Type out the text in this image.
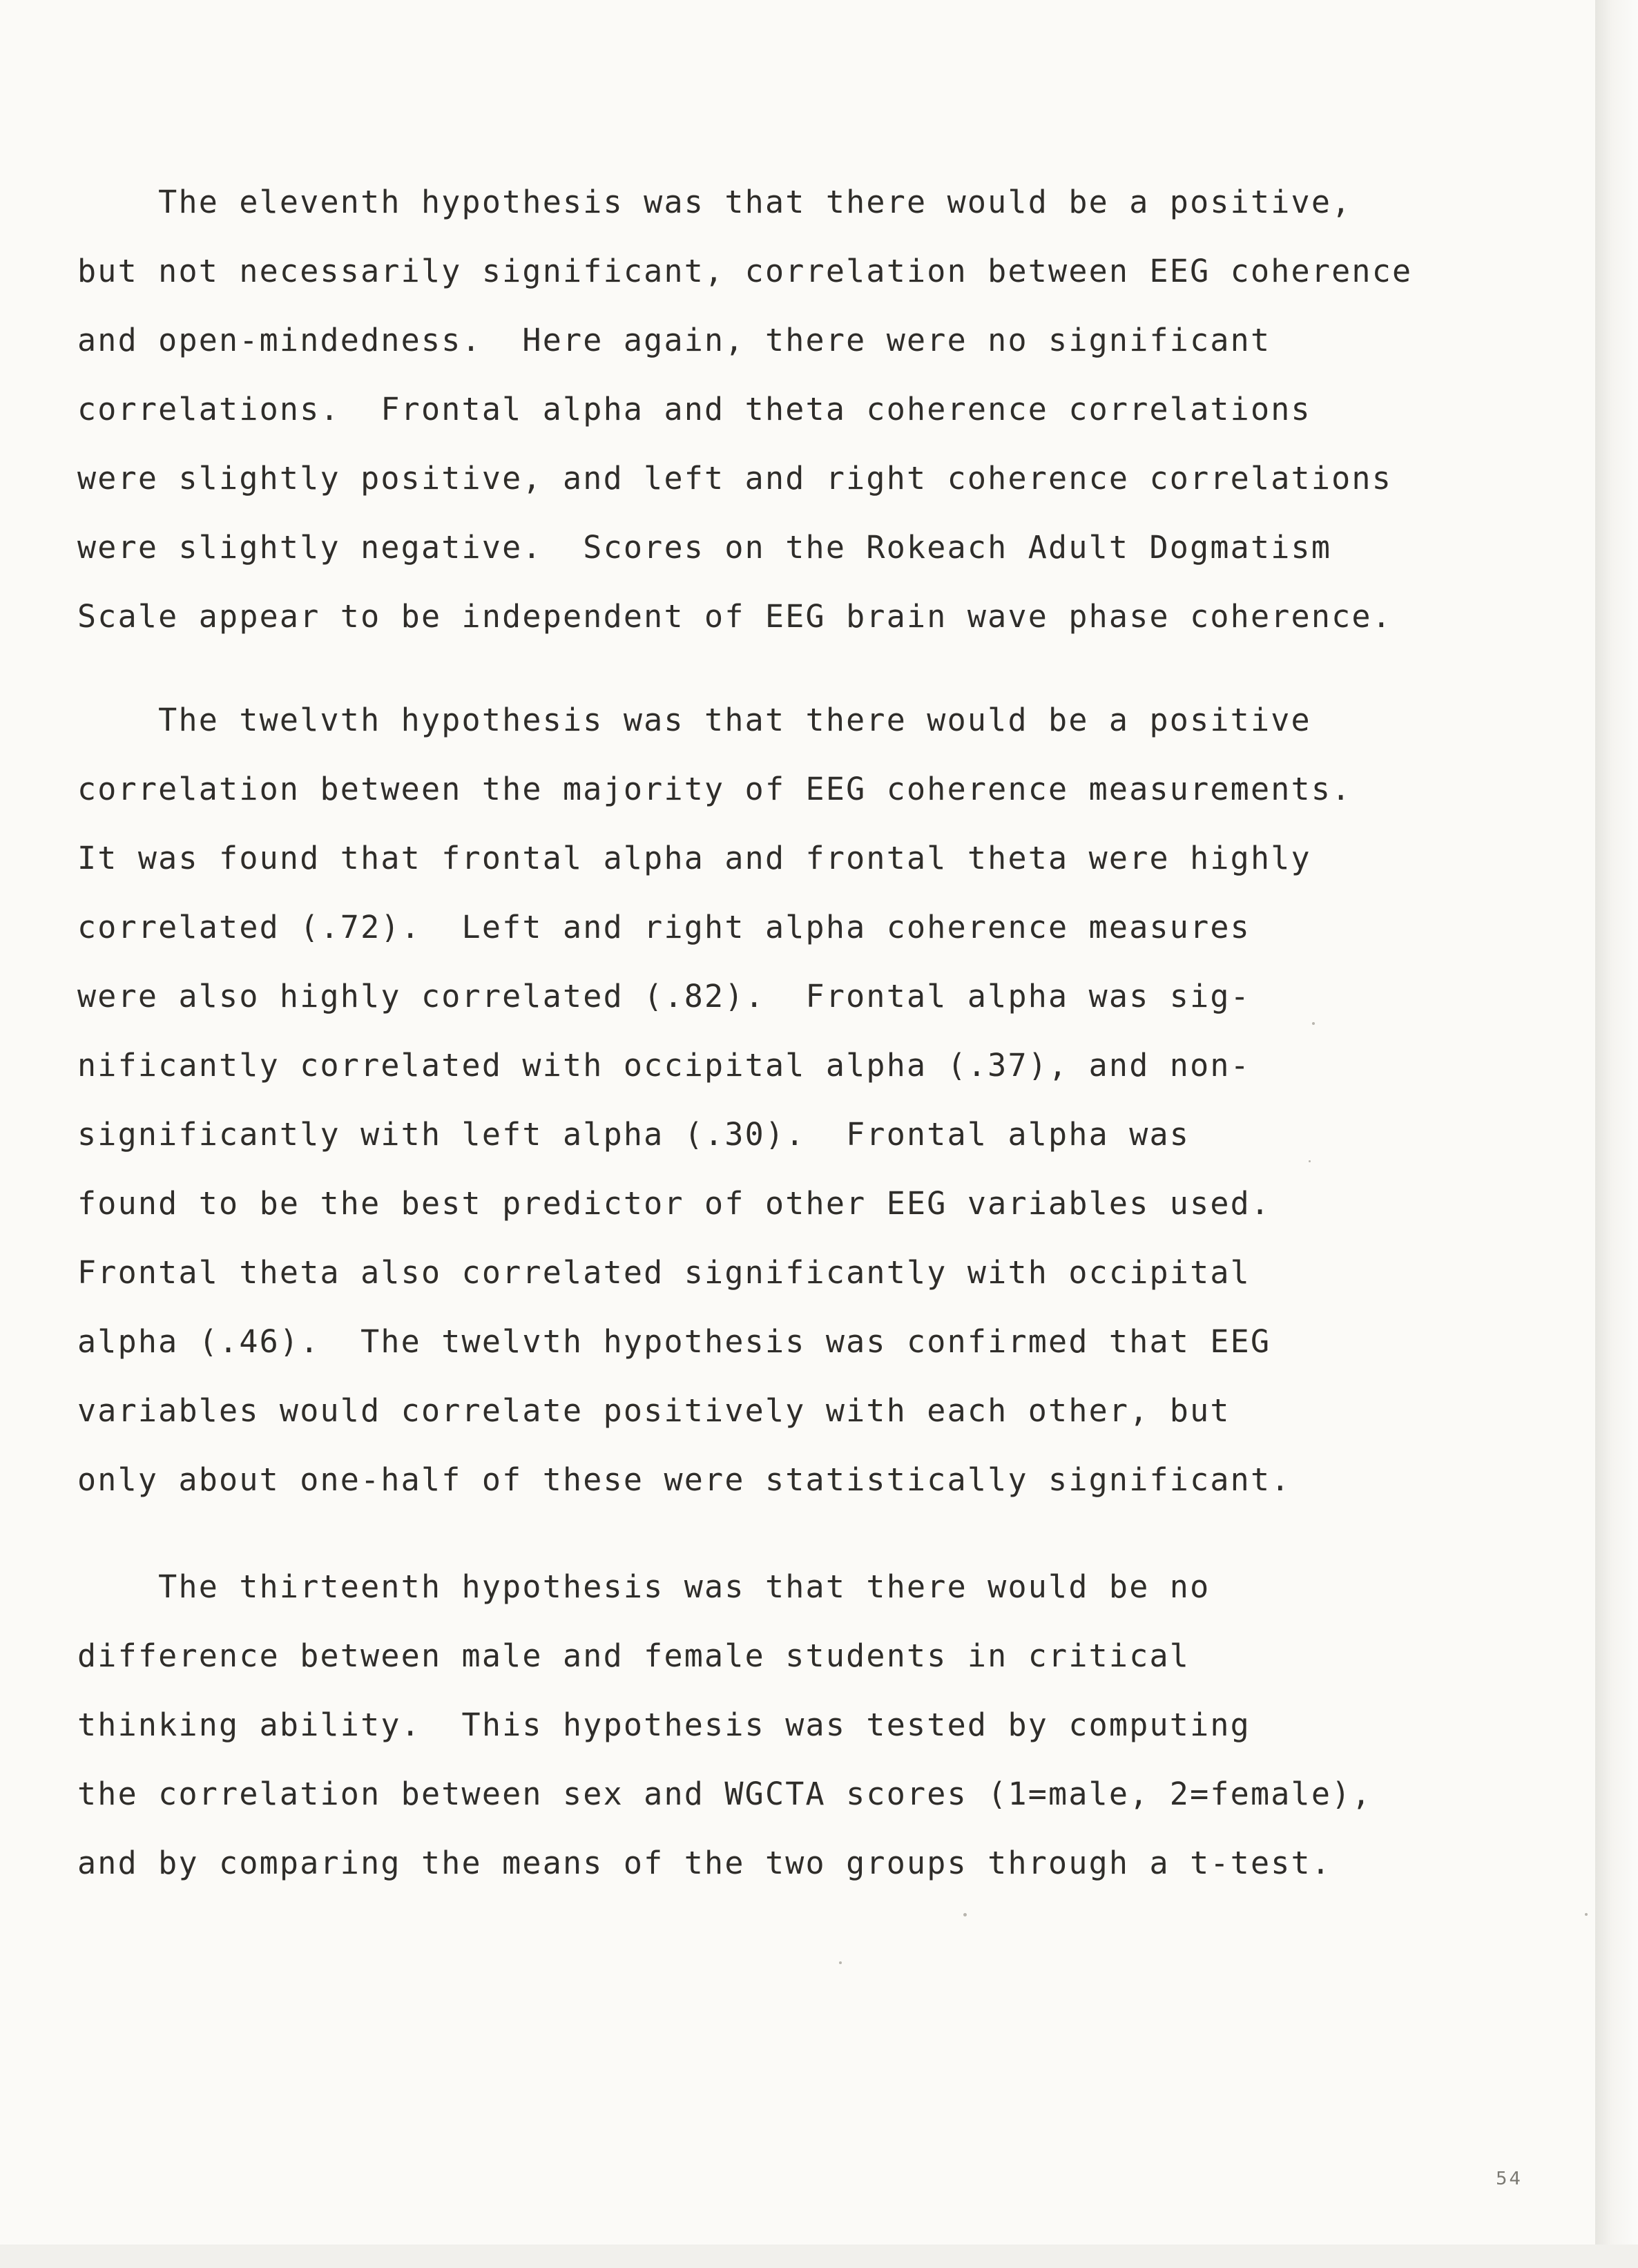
The eleventh hypothesis was that there would be a positive,
but not necessarily significant, correlation between EEG coherence
and open-mindedness.  Here again, there were no significant
correlations.  Frontal alpha and theta coherence correlations
were slightly positive, and left and right coherence correlations
were slightly negative.  Scores on the Rokeach Adult Dogmatism
Scale appear to be independent of EEG brain wave phase coherence.
The twelvth hypothesis was that there would be a positive
correlation between the majority of EEG coherence measurements.
It was found that frontal alpha and frontal theta were highly
correlated (.72).  Left and right alpha coherence measures
were also highly correlated (.82).  Frontal alpha was sig-
nificantly correlated with occipital alpha (.37), and non-
significantly with left alpha (.30).  Frontal alpha was
found to be the best predictor of other EEG variables used.
Frontal theta also correlated significantly with occipital
alpha (.46).  The twelvth hypothesis was confirmed that EEG
variables would correlate positively with each other, but
only about one-half of these were statistically significant.
The thirteenth hypothesis was that there would be no
difference between male and female students in critical
thinking ability.  This hypothesis was tested by computing
the correlation between sex and WGCTA scores (1=male, 2=female),
and by comparing the means of the two groups through a t-test.
54
